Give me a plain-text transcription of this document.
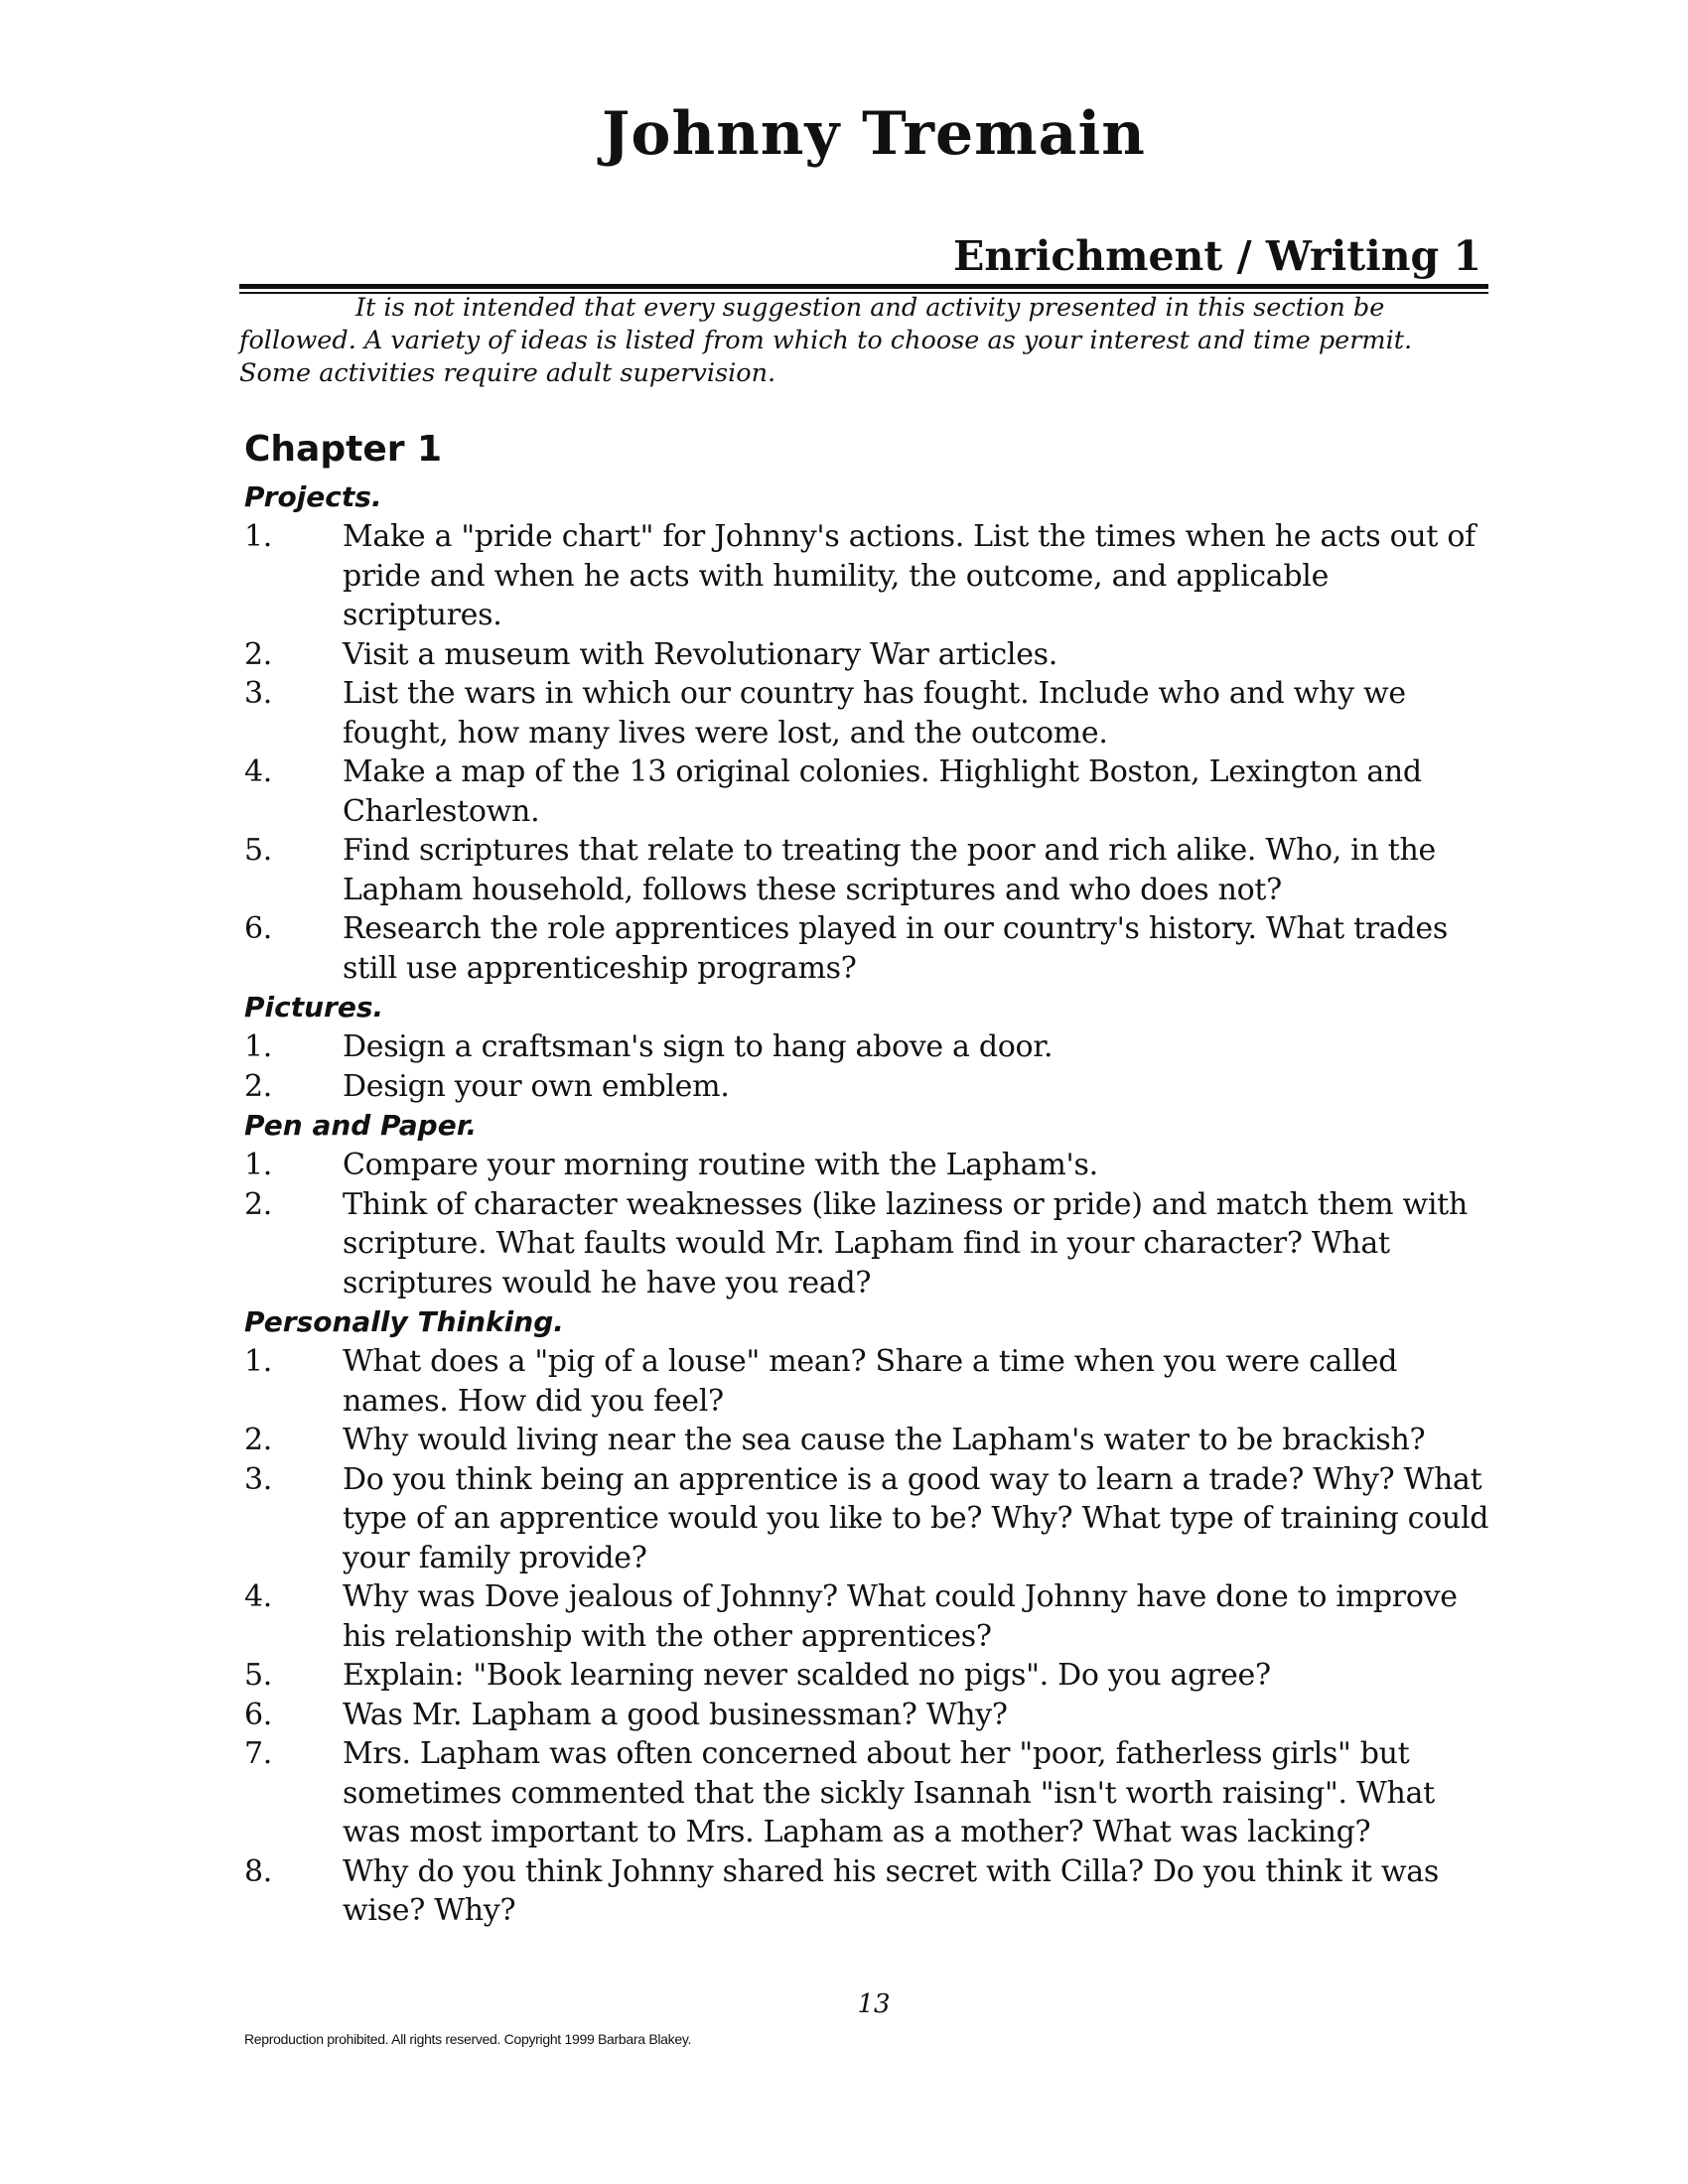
Johnny Tremain
Enrichment / Writing 1

It is not intended that every suggestion and activity presented in this section be followed. A variety of ideas is listed from which to choose as your interest and time permit. Some activities require adult supervision.

Chapter 1
Projects.
1. Make a "pride chart" for Johnny's actions. List the times when he acts out of pride and when he acts with humility, the outcome, and applicable scriptures.
2. Visit a museum with Revolutionary War articles.
3. List the wars in which our country has fought. Include who and why we fought, how many lives were lost, and the outcome.
4. Make a map of the 13 original colonies. Highlight Boston, Lexington and Charlestown.
5. Find scriptures that relate to treating the poor and rich alike. Who, in the Lapham household, follows these scriptures and who does not?
6. Research the role apprentices played in our country's history. What trades still use apprenticeship programs?
Pictures.
1. Design a craftsman's sign to hang above a door.
2. Design your own emblem.
Pen and Paper.
1. Compare your morning routine with the Lapham's.
2. Think of character weaknesses (like laziness or pride) and match them with scripture. What faults would Mr. Lapham find in your character? What scriptures would he have you read?
Personally Thinking.
1. What does a "pig of a louse" mean? Share a time when you were called names. How did you feel?
2. Why would living near the sea cause the Lapham's water to be brackish?
3. Do you think being an apprentice is a good way to learn a trade? Why? What type of an apprentice would you like to be? Why? What type of training could your family provide?
4. Why was Dove jealous of Johnny? What could Johnny have done to improve his relationship with the other apprentices?
5. Explain: "Book learning never scalded no pigs". Do you agree?
6. Was Mr. Lapham a good businessman? Why?
7. Mrs. Lapham was often concerned about her "poor, fatherless girls" but sometimes commented that the sickly Isannah "isn't worth raising". What was most important to Mrs. Lapham as a mother? What was lacking?
8. Why do you think Johnny shared his secret with Cilla? Do you think it was wise? Why?

13

Reproduction prohibited. All rights reserved. Copyright 1999 Barbara Blakey.
